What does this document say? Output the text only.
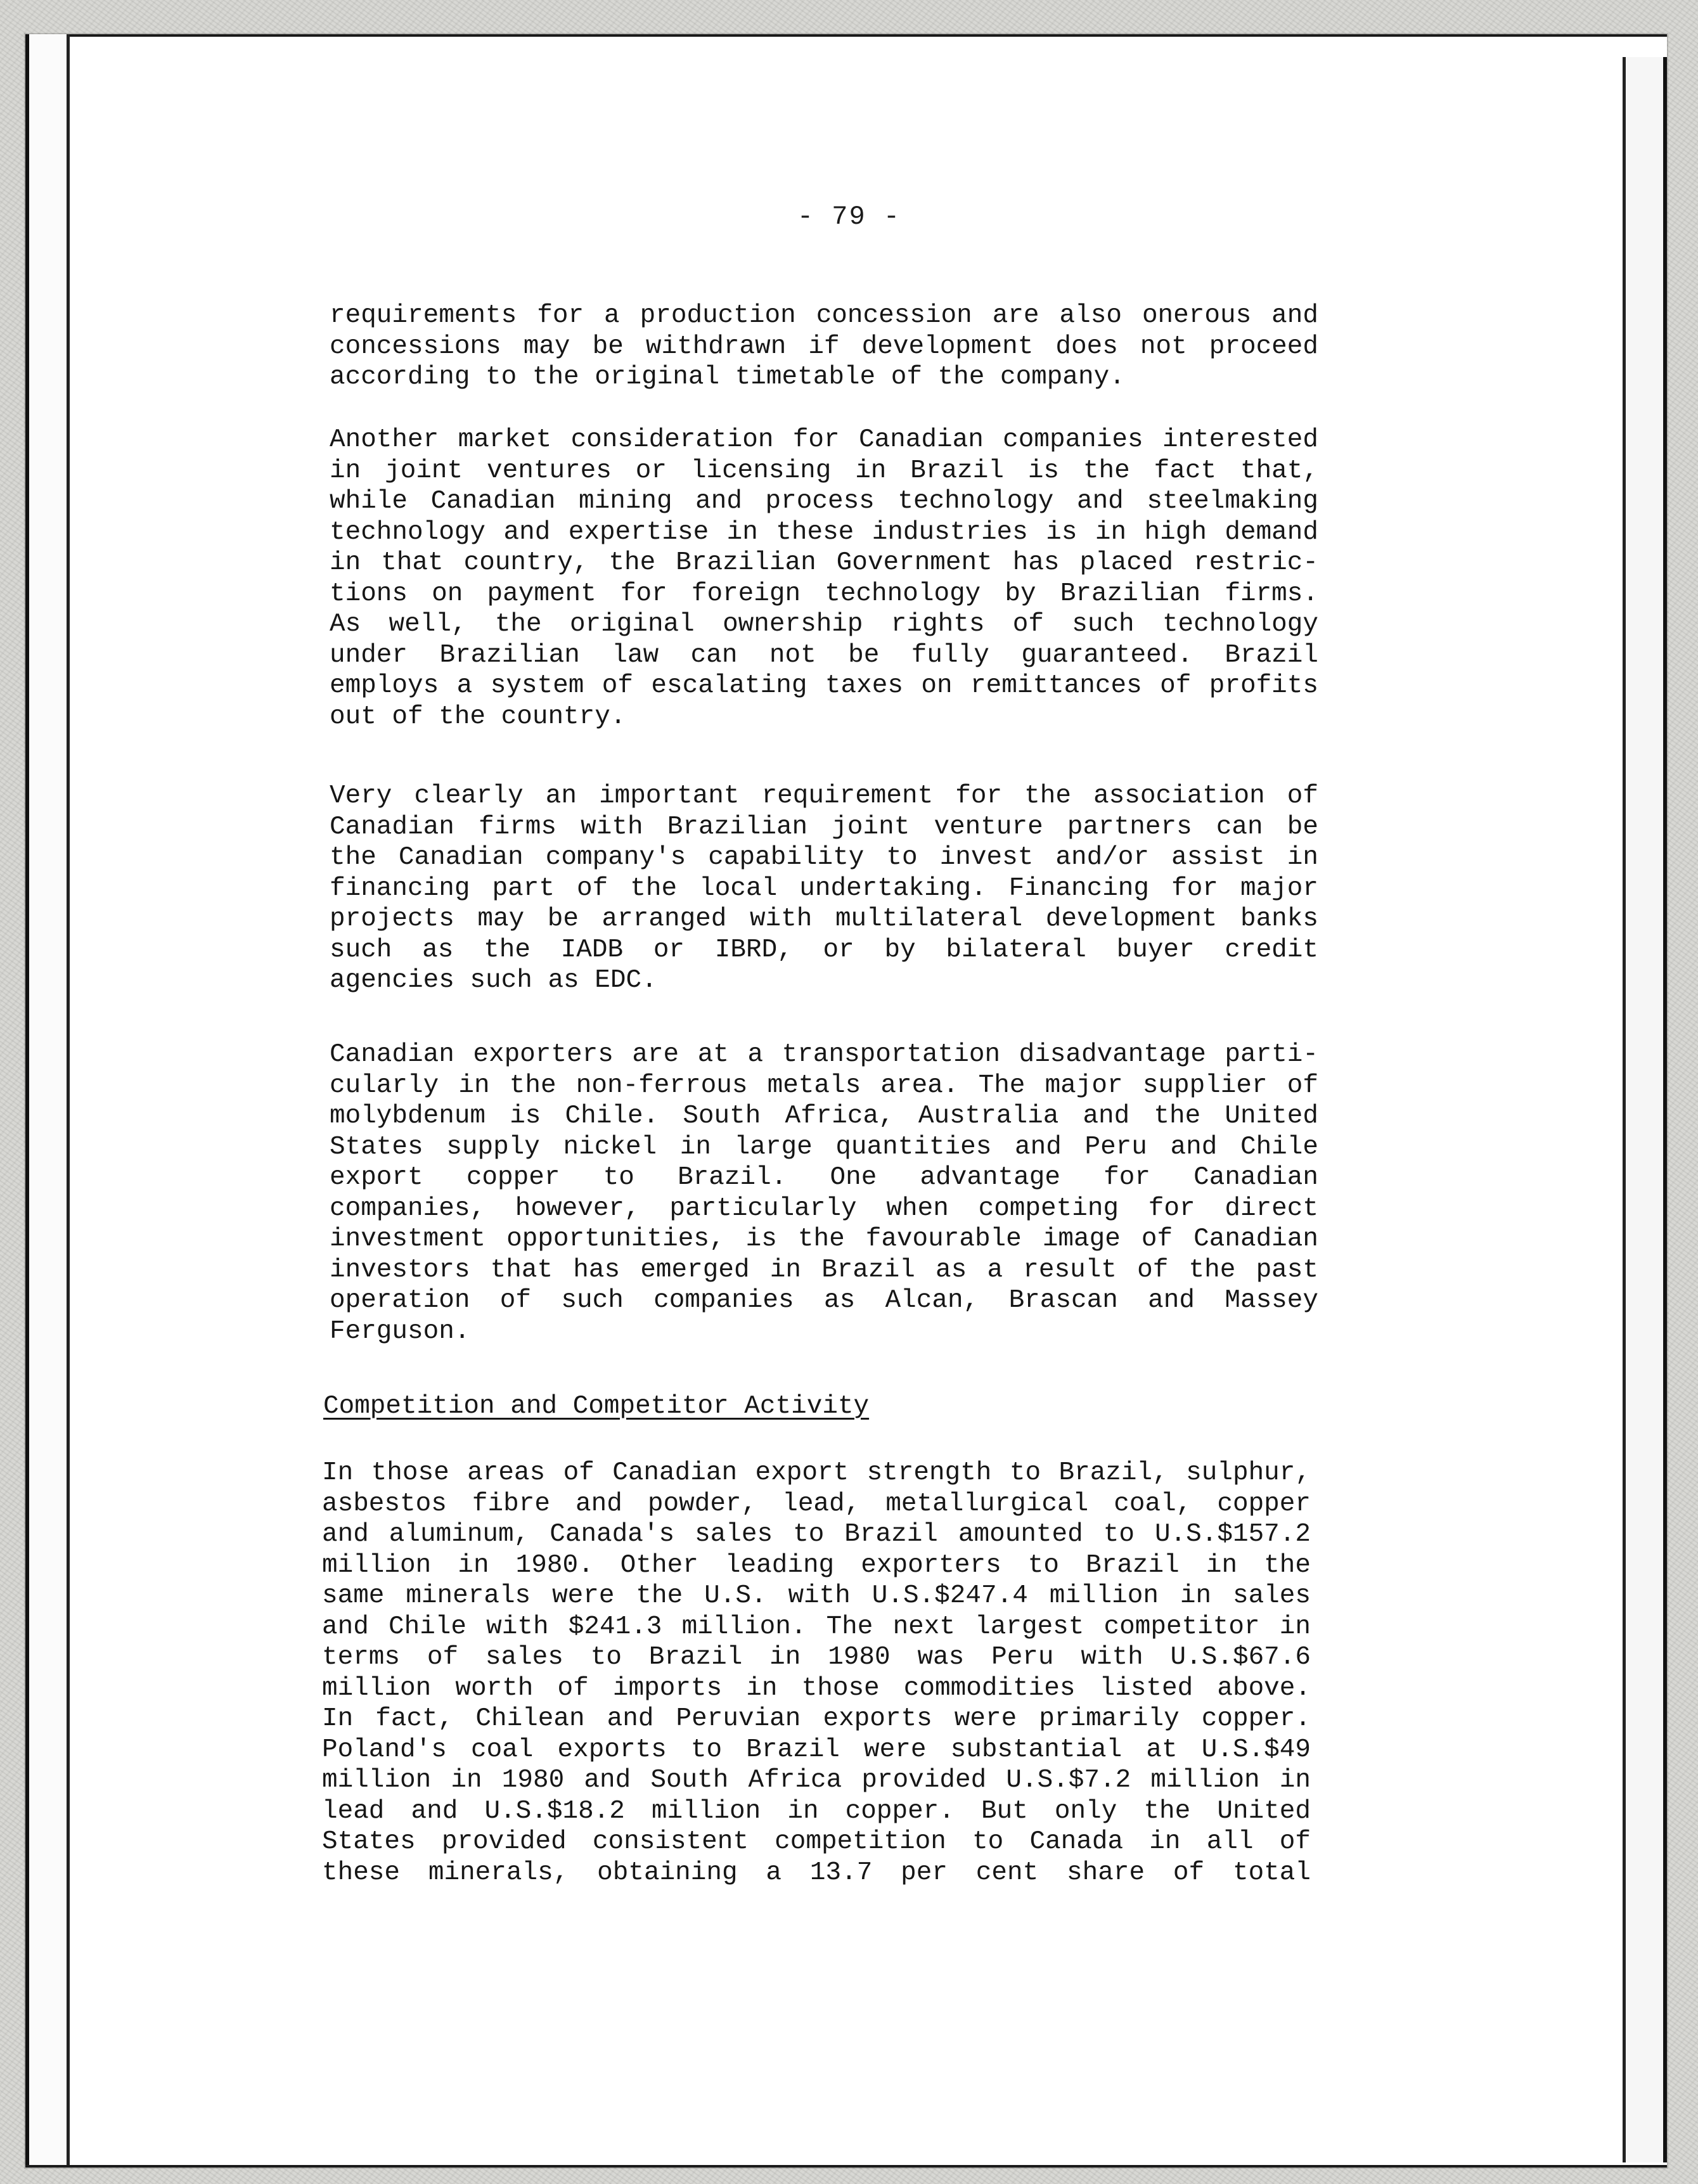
- 79 -
requirements for a production concession are also onerous and
concessions may be withdrawn if development does not proceed
according to the original timetable of the company.
Another market consideration for Canadian companies interested
in joint ventures or licensing in Brazil is the fact that,
while Canadian mining and process technology and steelmaking
technology and expertise in these industries is in high demand
in that country, the Brazilian Government has placed restric-
tions on payment for foreign technology by Brazilian firms.
As well, the original ownership rights of such technology
under Brazilian law can not be fully guaranteed. Brazil
employs a system of escalating taxes on remittances of profits
out of the country.
Very clearly an important requirement for the association of
Canadian firms with Brazilian joint venture partners can be
the Canadian company's capability to invest and/or assist in
financing part of the local undertaking. Financing for major
projects may be arranged with multilateral development banks
such as the IADB or IBRD, or by bilateral buyer credit
agencies such as EDC.
Canadian exporters are at a transportation disadvantage parti-
cularly in the non-ferrous metals area. The major supplier of
molybdenum is Chile. South Africa, Australia and the United
States supply nickel in large quantities and Peru and Chile
export copper to Brazil. One advantage for Canadian
companies, however, particularly when competing for direct
investment opportunities, is the favourable image of Canadian
investors that has emerged in Brazil as a result of the past
operation of such companies as Alcan, Brascan and Massey
Ferguson.
Competition and Competitor Activity
In those areas of Canadian export strength to Brazil, sulphur,
asbestos fibre and powder, lead, metallurgical coal, copper
and aluminum, Canada's sales to Brazil amounted to U.S.$157.2
million in 1980. Other leading exporters to Brazil in the
same minerals were the U.S. with U.S.$247.4 million in sales
and Chile with $241.3 million. The next largest competitor in
terms of sales to Brazil in 1980 was Peru with U.S.$67.6
million worth of imports in those commodities listed above.
In fact, Chilean and Peruvian exports were primarily copper.
Poland's coal exports to Brazil were substantial at U.S.$49
million in 1980 and South Africa provided U.S.$7.2 million in
lead and U.S.$18.2 million in copper. But only the United
States provided consistent competition to Canada in all of
these minerals, obtaining a 13.7 per cent share of total
